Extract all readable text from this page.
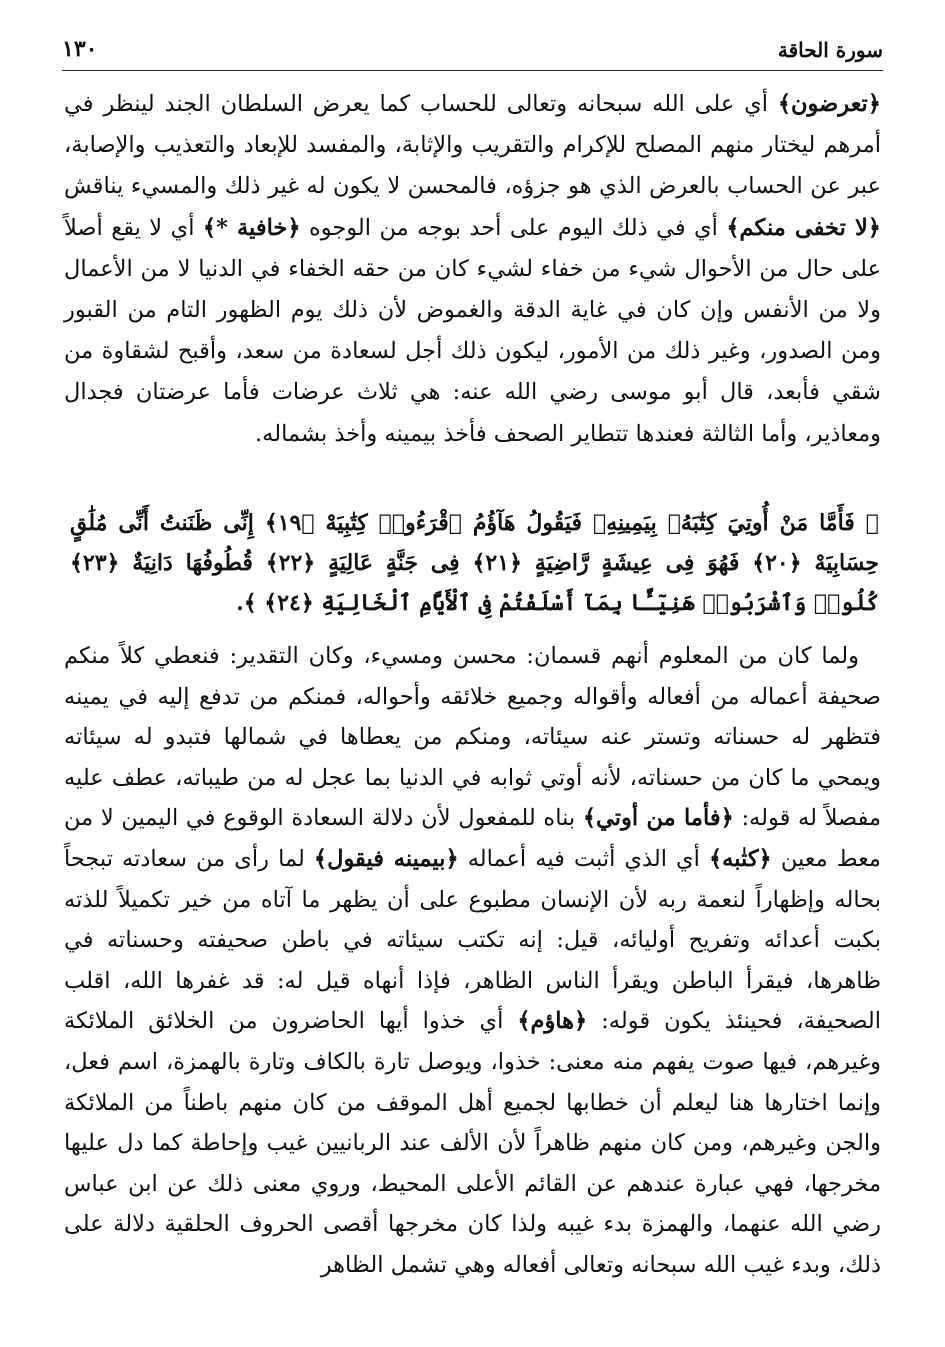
١٣٠	سورة الحاقة

﴿تعرضون﴾ أي على الله سبحانه وتعالى للحساب كما يعرض السلطان الجند لينظر في أمرهم ليختار منهم المصلح للإكرام والتقريب والإثابة، والمفسد للإبعاد والتعذيب والإصابة، عبر عن الحساب بالعرض الذي هو جزؤه، فالمحسن لا يكون له غير ذلك والمسيء يناقش ﴿لا تخفى منكم﴾ أي في ذلك اليوم على أحد بوجه من الوجوه ﴿خافية *﴾ أي لا يقع أصلاً على حال من الأحوال شيء من خفاء لشيء كان من حقه الخفاء في الدنيا لا من الأعمال ولا من الأنفس وإن كان في غاية الدقة والغموض لأن ذلك يوم الظهور التام من القبور ومن الصدور، وغير ذلك من الأمور، ليكون ذلك أجل لسعادة من سعد، وأقبح لشقاوة من شقي فأبعد، قال أبو موسى رضي الله عنه: هي ثلاث عرضات فأما عرضتان فجدال ومعاذير، وأما الثالثة فعندها تتطاير الصحف فأخذ بيمينه وأخذ بشماله.

﴿ فَأَمَّا مَنْ أُوتِيَ كِتَٰبَهُۥ بِيَمِينِهِۦ فَيَقُولُ هَآؤُمُ ٱقْرَءُوا۟ كِتَٰبِيَهْ ﴿١٩﴾ إِنِّى ظَنَنتُ أَنِّى مُلَٰقٍ حِسَابِيَهْ ﴿٢٠﴾ فَهُوَ فِى عِيشَةٍ رَّاضِيَةٍ ﴿٢١﴾ فِى جَنَّةٍ عَالِيَةٍ ﴿٢٢﴾ قُطُوفُهَا دَانِيَةٌ ﴿٢٣﴾ كُلُوا۟ وَٱشْرَبُوا۟ هَنِيٓـًٔا بِمَآ أَسْلَفْتُمْ فِى ٱلْأَيَّامِ ٱلْخَالِيَةِ ﴿٢٤﴾ ﴾.

ولما كان من المعلوم أنهم قسمان: محسن ومسيء، وكان التقدير: فنعطي كلاً منكم صحيفة أعماله من أفعاله وأقواله وجميع خلائقه وأحواله، فمنكم من تدفع إليه في يمينه فتظهر له حسناته وتستر عنه سيئاته، ومنكم من يعطاها في شمالها فتبدو له سيئاته ويمحي ما كان من حسناته، لأنه أوتي ثوابه في الدنيا بما عجل له من طيباته، عطف عليه مفصلاً له قوله: ﴿فأما من أوتي﴾ بناه للمفعول لأن دلالة السعادة الوقوع في اليمين لا من معط معين ﴿كتٰبه﴾ أي الذي أثبت فيه أعماله ﴿بيمينه فيقول﴾ لما رأى من سعادته تبجحاً بحاله وإظهاراً لنعمة ربه لأن الإنسان مطبوع على أن يظهر ما آتاه من خير تكميلاً للذته بكبت أعدائه وتفريح أوليائه، قيل: إنه تكتب سيئاته في باطن صحيفته وحسناته في ظاهرها، فيقرأ الباطن ويقرأ الناس الظاهر، فإذا أنهاه قيل له: قد غفرها الله، اقلب الصحيفة، فحينئذ يكون قوله: ﴿هاؤم﴾ أي خذوا أيها الحاضرون من الخلائق الملائكة وغيرهم، فيها صوت يفهم منه معنى: خذوا، ويوصل تارة بالكاف وتارة بالهمزة، اسم فعل، وإنما اختارها هنا ليعلم أن خطابها لجميع أهل الموقف من كان منهم باطناً من الملائكة والجن وغيرهم، ومن كان منهم ظاهراً لأن الألف عند الربانيين غيب وإحاطة كما دل عليها مخرجها، فهي عبارة عندهم عن القائم الأعلى المحيط، وروي معنى ذلك عن ابن عباس رضي الله عنهما، والهمزة بدء غيبه ولذا كان مخرجها أقصى الحروف الحلقية دلالة على ذلك، وبدء غيب الله سبحانه وتعالى أفعاله وهي تشمل الظاهر
